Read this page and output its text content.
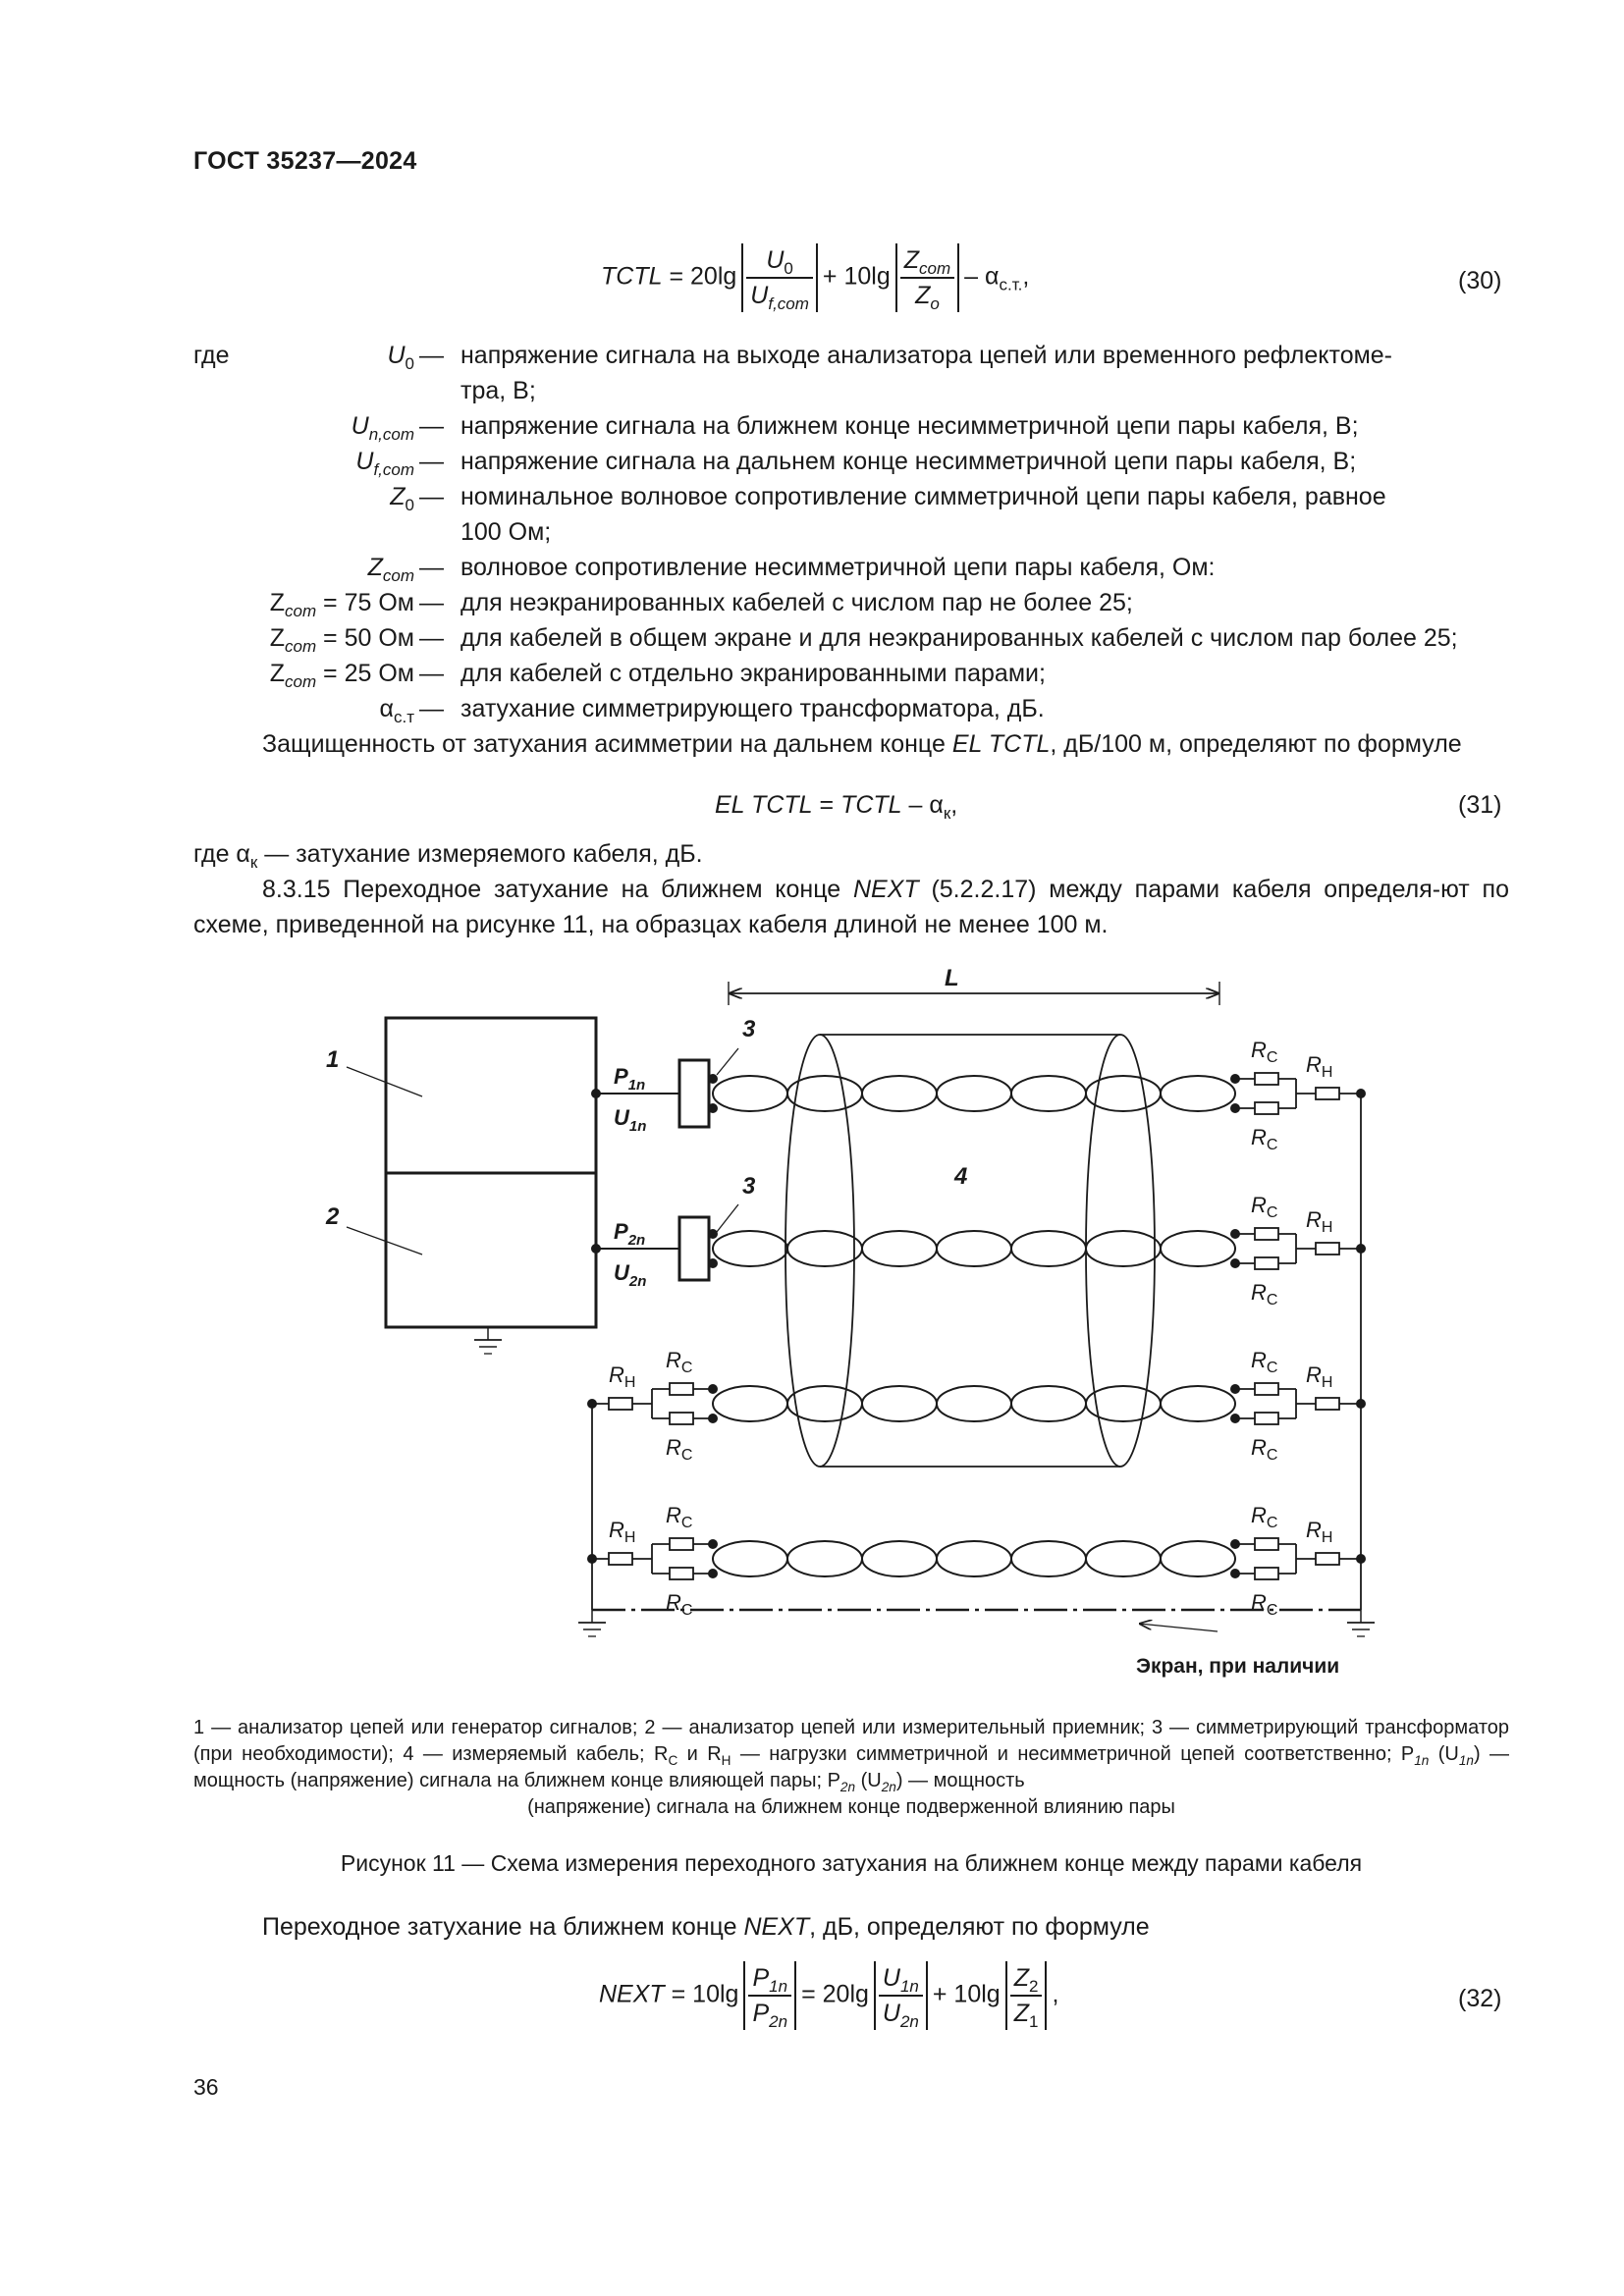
ГОСТ 35237—2024
TCTL = $20\lg \frac{U_0}{U_{f,com}} + 10\lg \frac{Z_{com}}{Z_o} - \alpha_{с.т.}$,	(30)
где	$U_0$ — напряжение сигнала на выходе анализатора цепей или временного рефлектоме-
тра, В;
$U_{n,com}$ — напряжение сигнала на ближнем конце несимметричной цепи пары кабеля, В;
$U_{f,com}$ — напряжение сигнала на дальнем конце несимметричной цепи пары кабеля, В;
$Z_0$ — номинальное волновое сопротивление симметричной цепи пары кабеля, равное
100 Ом;
$Z_{com}$ — волновое сопротивление несимметричной цепи пары кабеля, Ом:
$Z_{com} = 75$ Ом — для неэкранированных кабелей с числом пар не более 25;
$Z_{com} = 50$ Ом — для кабелей в общем экране и для неэкранированных кабелей с числом пар более 25;
$Z_{com} = 25$ Ом — для кабелей с отдельно экранированными парами;
$\alpha_{с.т}$ — затухание симметрирующего трансформатора, дБ.
Защищенность от затухания асимметрии на дальнем конце EL TCTL, дБ/100 м, определяют по формуле
EL TCTL = TCTL – $\alpha_к$,	(31)
где $\alpha_к$ — затухание измеряемого кабеля, дБ.
8.3.15 Переходное затухание на ближнем конце NEXT (5.2.2.17) между парами кабеля определя-ют по схеме, приведенной на рисунке 11, на образцах кабеля длиной не менее 100 м.
L
1
2
3
3	4
$P_{1n}$
$U_{1n}$
$P_{2n}$
$U_{2n}$
$R_C$ $R_H$
$R_C$
$R_C$ $R_H$
$R_C$
$R_C$ $R_H$
$R_C$
$R_C$ $R_H$
$R_C$
$R_C$
$R_H$
$R_C$
$R_C$
$R_H$
$R_C$
Экран, при наличии
1 — анализатор цепей или генератор сигналов; 2 — анализатор цепей или измерительный приемник; 3 — симметрирующий трансформатор (при необходимости); 4 — измеряемый кабель; $R_C$ и $R_Н$ — нагрузки симметричной и несимметричной цепей соответственно; $P_{1n}$ $(U_{1n})$ — мощность (напряжение) сигнала на ближнем конце влияющей пары; $P_{2n}$ $(U_{2n})$ — мощность
(напряжение) сигнала на ближнем конце подверженной влиянию пары
Рисунок 11 — Схема измерения переходного затухания на ближнем конце между парами кабеля
Переходное затухание на ближнем конце NEXT, дБ, определяют по формуле
NEXT = $10\lg \frac{P_{1n}}{P_{2n}} = 20\lg \frac{U_{1n}}{U_{2n}} + 10\lg \frac{Z_2}{Z_1}$ ,	(32)
36
